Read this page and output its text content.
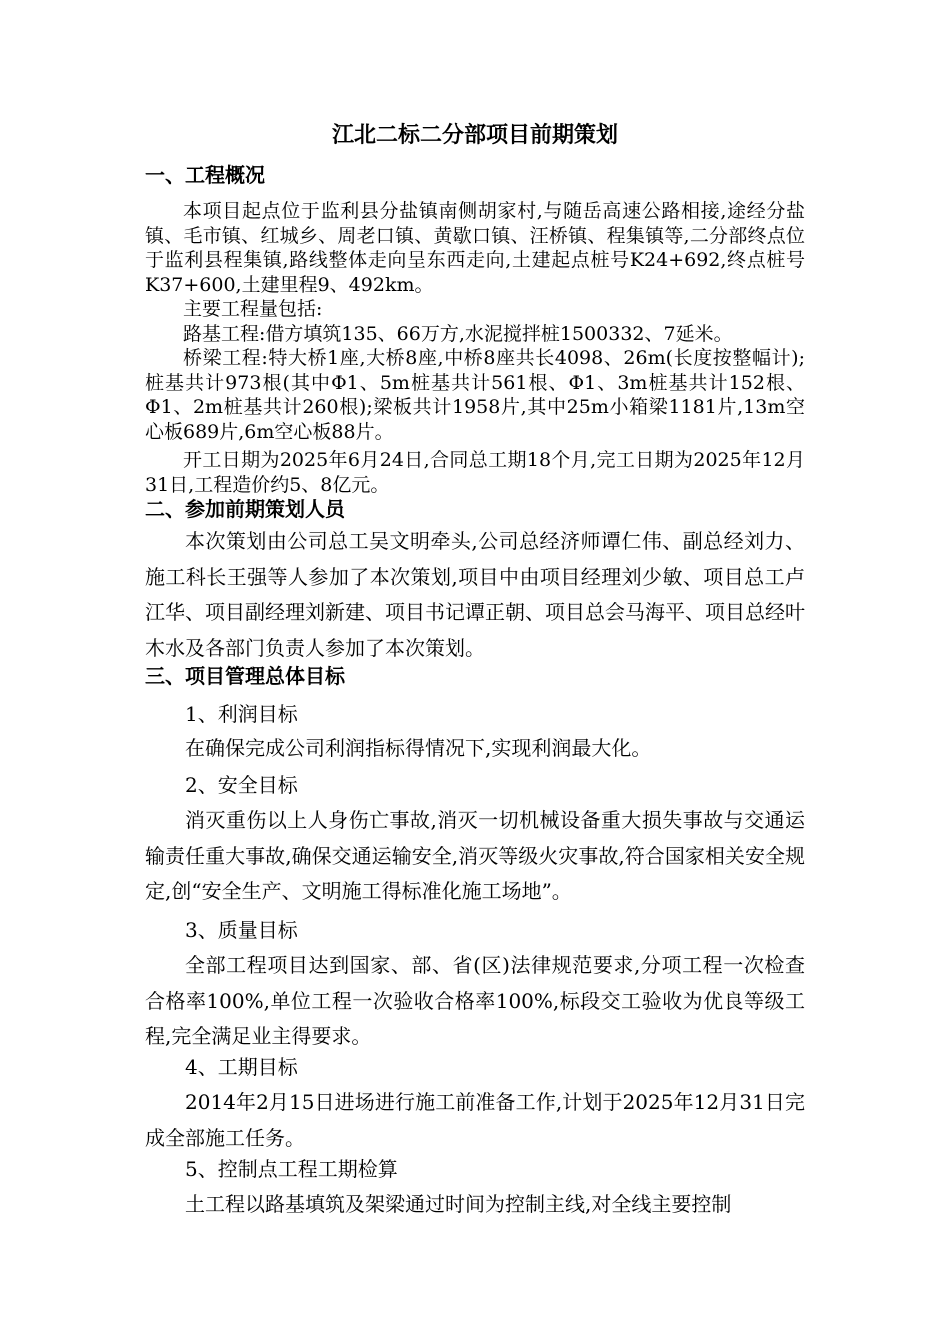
江北二标二分部项目前期策划
一、工程概况
本项目起点位于监利县分盐镇南侧胡家村,与随岳高速公路相接,途经分盐镇、毛市镇、红城乡、周老口镇、黄歇口镇、汪桥镇、程集镇等,二分部终点位于监利县程集镇,路线整体走向呈东西走向,土建起点桩号K24+692,终点桩号K37+600,土建里程9、492km。
主要工程量包括:
路基工程:借方填筑135、66万方,水泥搅拌桩1500332、7延米。
桥梁工程:特大桥1座,大桥8座,中桥8座共长4098、26m(长度按整幅计);桩基共计973根(其中Φ1、5m桩基共计561根、Φ1、3m桩基共计152根、Φ1、2m桩基共计260根);梁板共计1958片,其中25m小箱梁1181片,13m空心板689片,6m空心板88片。
开工日期为2025年6月24日,合同总工期18个月,完工日期为2025年12月31日,工程造价约5、8亿元。
二、参加前期策划人员
本次策划由公司总工吴文明牵头,公司总经济师谭仁伟、副总经刘力、施工科长王强等人参加了本次策划,项目中由项目经理刘少敏、项目总工卢江华、项目副经理刘新建、项目书记谭正朝、项目总会马海平、项目总经叶木水及各部门负责人参加了本次策划。
三、项目管理总体目标
1、利润目标
在确保完成公司利润指标得情况下,实现利润最大化。
2、安全目标
消灭重伤以上人身伤亡事故,消灭一切机械设备重大损失事故与交通运输责任重大事故,确保交通运输安全,消灭等级火灾事故,符合国家相关安全规定,创“安全生产、文明施工得标准化施工场地”。
3、质量目标
全部工程项目达到国家、部、省(区)法律规范要求,分项工程一次检查合格率100%,单位工程一次验收合格率100%,标段交工验收为优良等级工程,完全满足业主得要求。
4、工期目标
2014年2月15日进场进行施工前准备工作,计划于2025年12月31日完成全部施工任务。
5、控制点工程工期检算
土工程以路基填筑及架梁通过时间为控制主线,对全线主要控制
